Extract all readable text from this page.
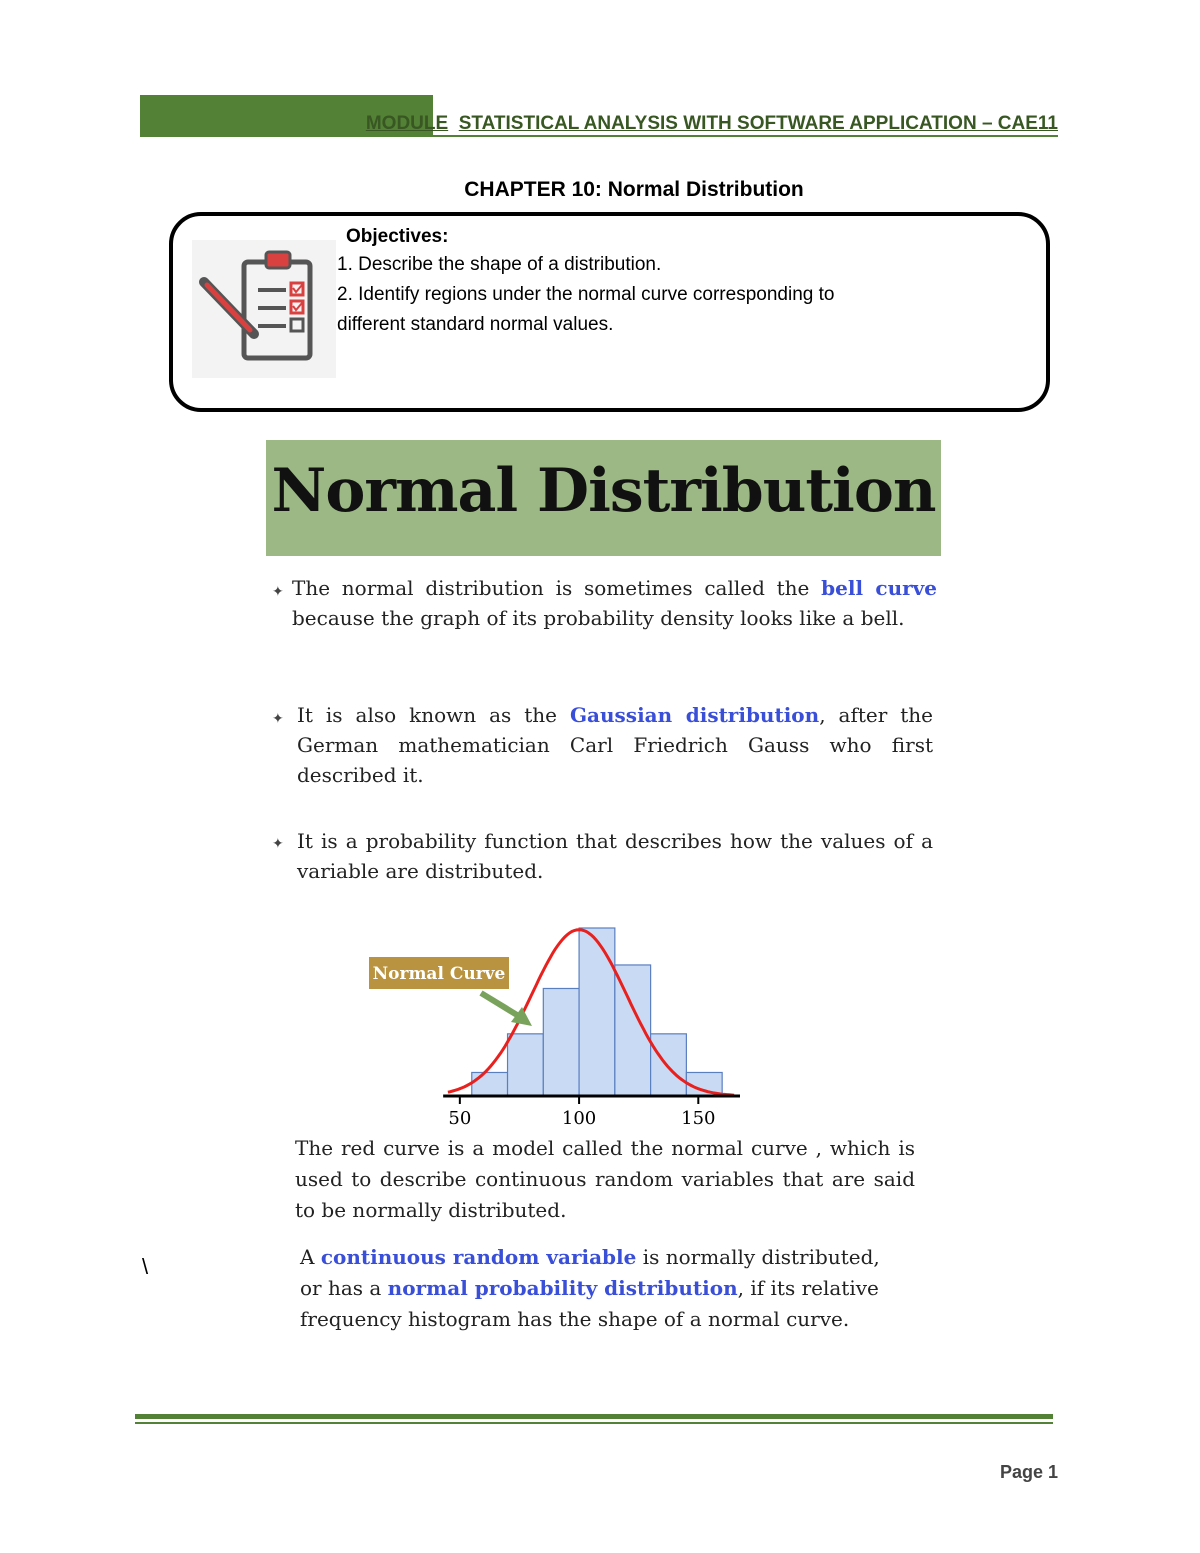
MODULE STATISTICAL ANALYSIS WITH SOFTWARE APPLICATION – CAE11
CHAPTER 10: Normal Distribution
Objectives:
1. Describe the shape of a distribution.
2. Identify regions under the normal curve corresponding to
different standard normal values.
Normal Distribution
✦ The normal distribution is sometimes called the bell curve because the graph of its probability density looks like a bell.
✦ It is also known as the Gaussian distribution, after the German mathematician Carl Friedrich Gauss who first described it.
✦ It is a probability function that describes how the values of a variable are distributed.
50	100	150
Normal Curve
The red curve is a model called the normal curve , which is used to describe continuous random variables that are said to be normally distributed.
A continuous random variable is normally distributed,
or has a normal probability distribution, if its relative
frequency histogram has the shape of a normal curve.
\
Page 1
